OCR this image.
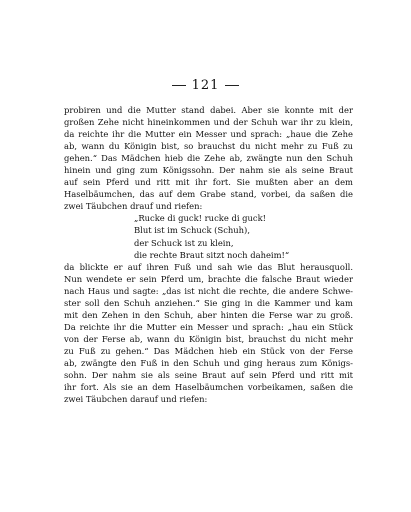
121
probiren und die Mutter stand dabei. Aber sie konnte mit der
großen Zehe nicht hineinkommen und der Schuh war ihr zu klein,
da reichte ihr die Mutter ein Messer und sprach: „haue die Zehe
ab, wann du Königin bist, so brauchst du nicht mehr zu Fuß zu
gehen.“ Das Mädchen hieb die Zehe ab, zwängte nun den Schuh
hinein und ging zum Königssohn. Der nahm sie als seine Braut
auf sein Pferd und ritt mit ihr fort. Sie mußten aber an dem
Haselbäumchen, das auf dem Grabe stand, vorbei, da saßen die
zwei Täubchen drauf und riefen:
„Rucke di guck! rucke di guck!
Blut ist im Schuck (Schuh),
der Schuck ist zu klein,
die rechte Braut sitzt noch daheim!“
da blickte er auf ihren Fuß und sah wie das Blut herausquoll.
Nun wendete er sein Pferd um, brachte die falsche Braut wieder
nach Haus und sagte: „das ist nicht die rechte, die andere Schwe-
ster soll den Schuh anziehen.“ Sie ging in die Kammer und kam
mit den Zehen in den Schuh, aber hinten die Ferse war zu groß.
Da reichte ihr die Mutter ein Messer und sprach: „hau ein Stück
von der Ferse ab, wann du Königin bist, brauchst du nicht mehr
zu Fuß zu gehen.“ Das Mädchen hieb ein Stück von der Ferse
ab, zwängte den Fuß in den Schuh und ging heraus zum Königs-
sohn. Der nahm sie als seine Braut auf sein Pferd und ritt mit
ihr fort. Als sie an dem Haselbäumchen vorbeikamen, saßen die
zwei Täubchen darauf und riefen:
